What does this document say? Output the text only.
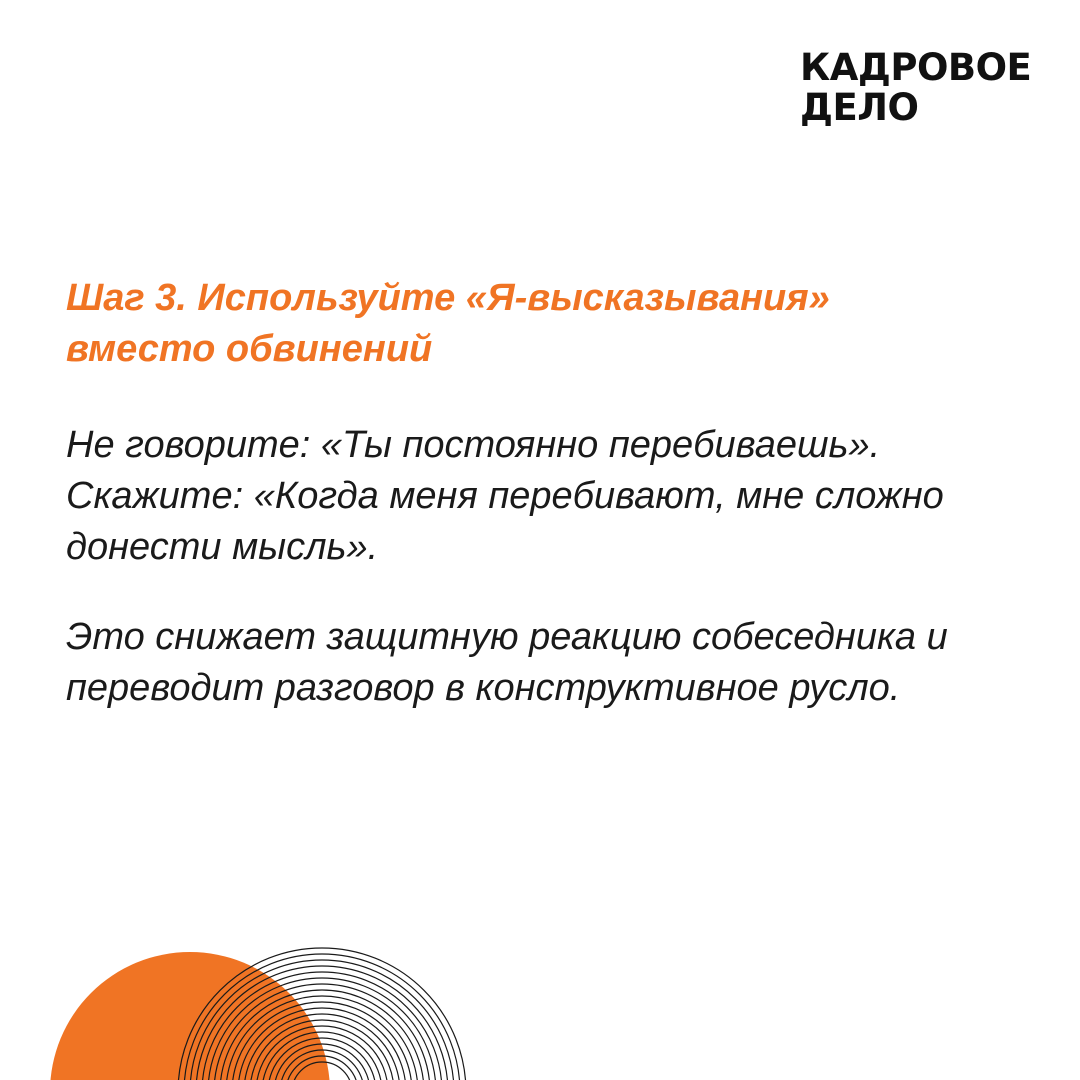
КАДРОВОЕ
ДЕЛО
Шаг 3. Используйте «Я-высказывания»
вместо обвинений
Не говорите: «Ты постоянно перебиваешь».
Скажите: «Когда меня перебивают, мне сложно
донести мысль».
Это снижает защитную реакцию собеседника и
переводит разговор в конструктивное русло.
